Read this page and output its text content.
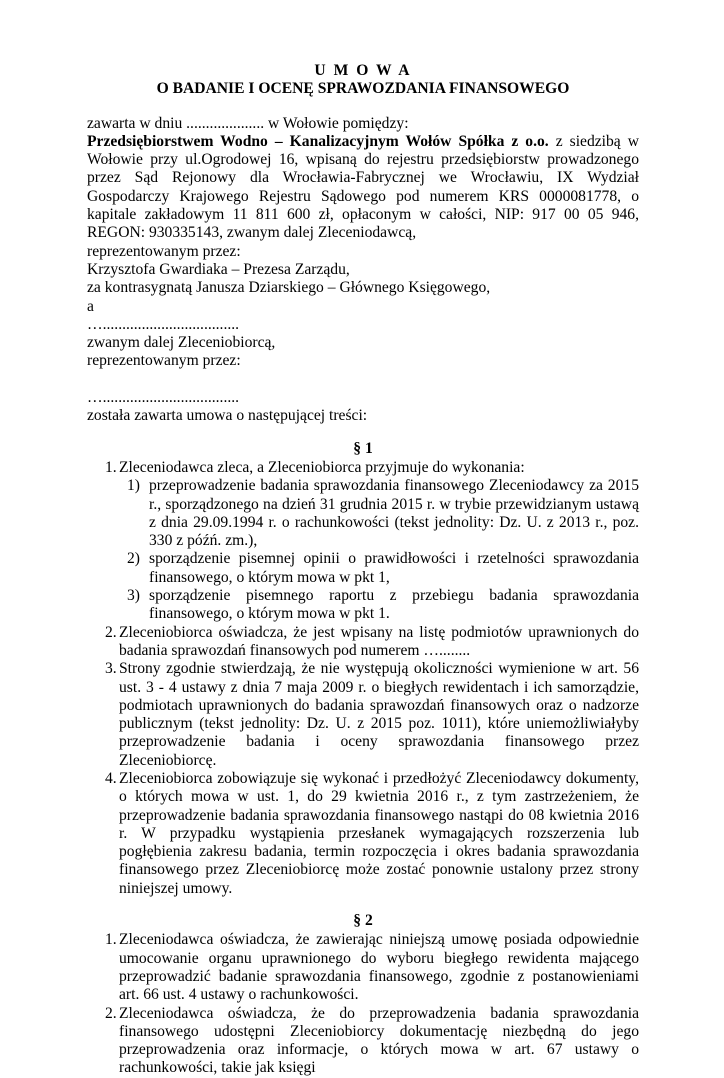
U M O W A

O BADANIE I OCENĘ SPRAWOZDANIA FINANSOWEGO

zawarta w dniu .................... w Wołowie pomiędzy:

Przedsiębiorstwem Wodno – Kanalizacyjnym Wołów Spółka z o.o. z siedzibą w Wołowie przy ul.Ogrodowej 16, wpisaną do rejestru przedsiębiorstw prowadzonego przez Sąd Rejonowy dla Wrocławia-Fabrycznej we Wrocławiu, IX Wydział Gospodarczy Krajowego Rejestru Sądowego pod numerem KRS 0000081778, o kapitale zakładowym 11 811 600 zł, opłaconym w całości, NIP: 917 00 05 946, REGON: 930335143, zwanym dalej Zleceniodawcą,

reprezentowanym przez:

Krzysztofa Gwardiaka – Prezesa Zarządu,

za kontrasygnatą Janusza Dziarskiego – Głównego Księgowego,

a

…...................................

zwanym dalej Zleceniobiorcą,

reprezentowanym przez:

…...................................

została zawarta umowa o następującej treści:

§ 1

1. Zleceniodawca zleca, a Zleceniobiorca przyjmuje do wykonania:
1) przeprowadzenie badania sprawozdania finansowego Zleceniodawcy za 2015 r., sporządzonego na dzień 31 grudnia 2015 r. w trybie przewidzianym ustawą z dnia 29.09.1994 r. o rachunkowości (tekst jednolity: Dz. U. z 2013 r., poz. 330 z późń. zm.),
2) sporządzenie pisemnej opinii o prawidłowości i rzetelności sprawozdania finansowego, o którym mowa w pkt 1,
3) sporządzenie pisemnego raportu z przebiegu badania sprawozdania finansowego, o którym mowa w pkt 1.
2. Zleceniobiorca oświadcza, że jest wpisany na listę podmiotów uprawnionych do badania sprawozdań finansowych pod numerem …........
3. Strony zgodnie stwierdzają, że nie występują okoliczności wymienione w art. 56 ust. 3 - 4 ustawy z dnia 7 maja 2009 r. o biegłych rewidentach i ich samorządzie, podmiotach uprawnionych do badania sprawozdań finansowych oraz o nadzorze publicznym (tekst jednolity: Dz. U. z 2015 poz. 1011), które uniemożliwiałyby przeprowadzenie badania i oceny sprawozdania finansowego przez Zleceniobiorcę.
4. Zleceniobiorca zobowiązuje się wykonać i przedłożyć Zleceniodawcy dokumenty, o których mowa w ust. 1, do 29 kwietnia 2016 r., z tym zastrzeżeniem, że przeprowadzenie badania sprawozdania finansowego nastąpi do 08 kwietnia 2016 r. W przypadku wystąpienia przesłanek wymagających rozszerzenia lub pogłębienia zakresu badania, termin rozpoczęcia i okres badania sprawozdania finansowego przez Zleceniobiorcę może zostać ponownie ustalony przez strony niniejszej umowy.

§ 2

1. Zleceniodawca oświadcza, że zawierając niniejszą umowę posiada odpowiednie umocowanie organu uprawnionego do wyboru biegłego rewidenta mającego przeprowadzić badanie sprawozdania finansowego, zgodnie z postanowieniami art. 66 ust. 4 ustawy o rachunkowości.
2. Zleceniodawca oświadcza, że do przeprowadzenia badania sprawozdania finansowego udostępni Zleceniobiorcy dokumentację niezbędną do jego przeprowadzenia oraz informacje, o których mowa w art. 67 ustawy o rachunkowości, takie jak księgi
